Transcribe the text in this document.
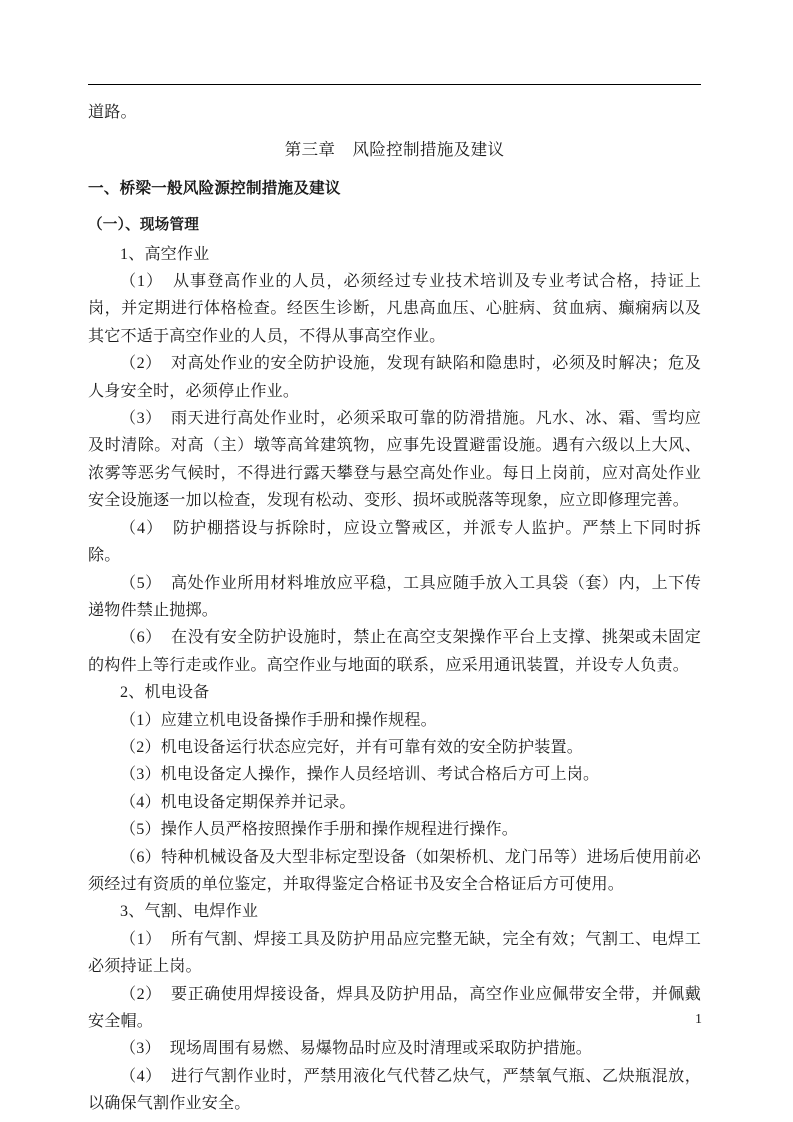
道路。

第三章 风险控制措施及建议

一、桥梁一般风险源控制措施及建议

（一）、现场管理

1、高空作业

（1） 从事登高作业的人员，必须经过专业技术培训及专业考试合格，持证上岗，并定期进行体格检查。经医生诊断，凡患高血压、心脏病、贫血病、癫痫病以及其它不适于高空作业的人员，不得从事高空作业。

（2） 对高处作业的安全防护设施，发现有缺陷和隐患时，必须及时解决；危及人身安全时，必须停止作业。

（3） 雨天进行高处作业时，必须采取可靠的防滑措施。凡水、冰、霜、雪均应及时清除。对高（主）墩等高耸建筑物，应事先设置避雷设施。遇有六级以上大风、浓雾等恶劣气候时，不得进行露天攀登与悬空高处作业。每日上岗前，应对高处作业安全设施逐一加以检查，发现有松动、变形、损坏或脱落等现象，应立即修理完善。

（4） 防护棚搭设与拆除时，应设立警戒区，并派专人监护。严禁上下同时拆除。

（5） 高处作业所用材料堆放应平稳，工具应随手放入工具袋（套）内，上下传递物件禁止抛掷。

（6） 在没有安全防护设施时，禁止在高空支架操作平台上支撑、挑架或未固定的构件上等行走或作业。高空作业与地面的联系，应采用通讯装置，并设专人负责。

2、机电设备

（1）应建立机电设备操作手册和操作规程。

（2）机电设备运行状态应完好，并有可靠有效的安全防护装置。

（3）机电设备定人操作，操作人员经培训、考试合格后方可上岗。

（4）机电设备定期保养并记录。

（5）操作人员严格按照操作手册和操作规程进行操作。

（6）特种机械设备及大型非标定型设备（如架桥机、龙门吊等）进场后使用前必须经过有资质的单位鉴定，并取得鉴定合格证书及安全合格证后方可使用。

3、气割、电焊作业

（1） 所有气割、焊接工具及防护用品应完整无缺，完全有效；气割工、电焊工必须持证上岗。

（2） 要正确使用焊接设备，焊具及防护用品，高空作业应佩带安全带，并佩戴安全帽。

（3） 现场周围有易燃、易爆物品时应及时清理或采取防护措施。

（4） 进行气割作业时，严禁用液化气代替乙炔气，严禁氧气瓶、乙炔瓶混放，以确保气割作业安全。

1
